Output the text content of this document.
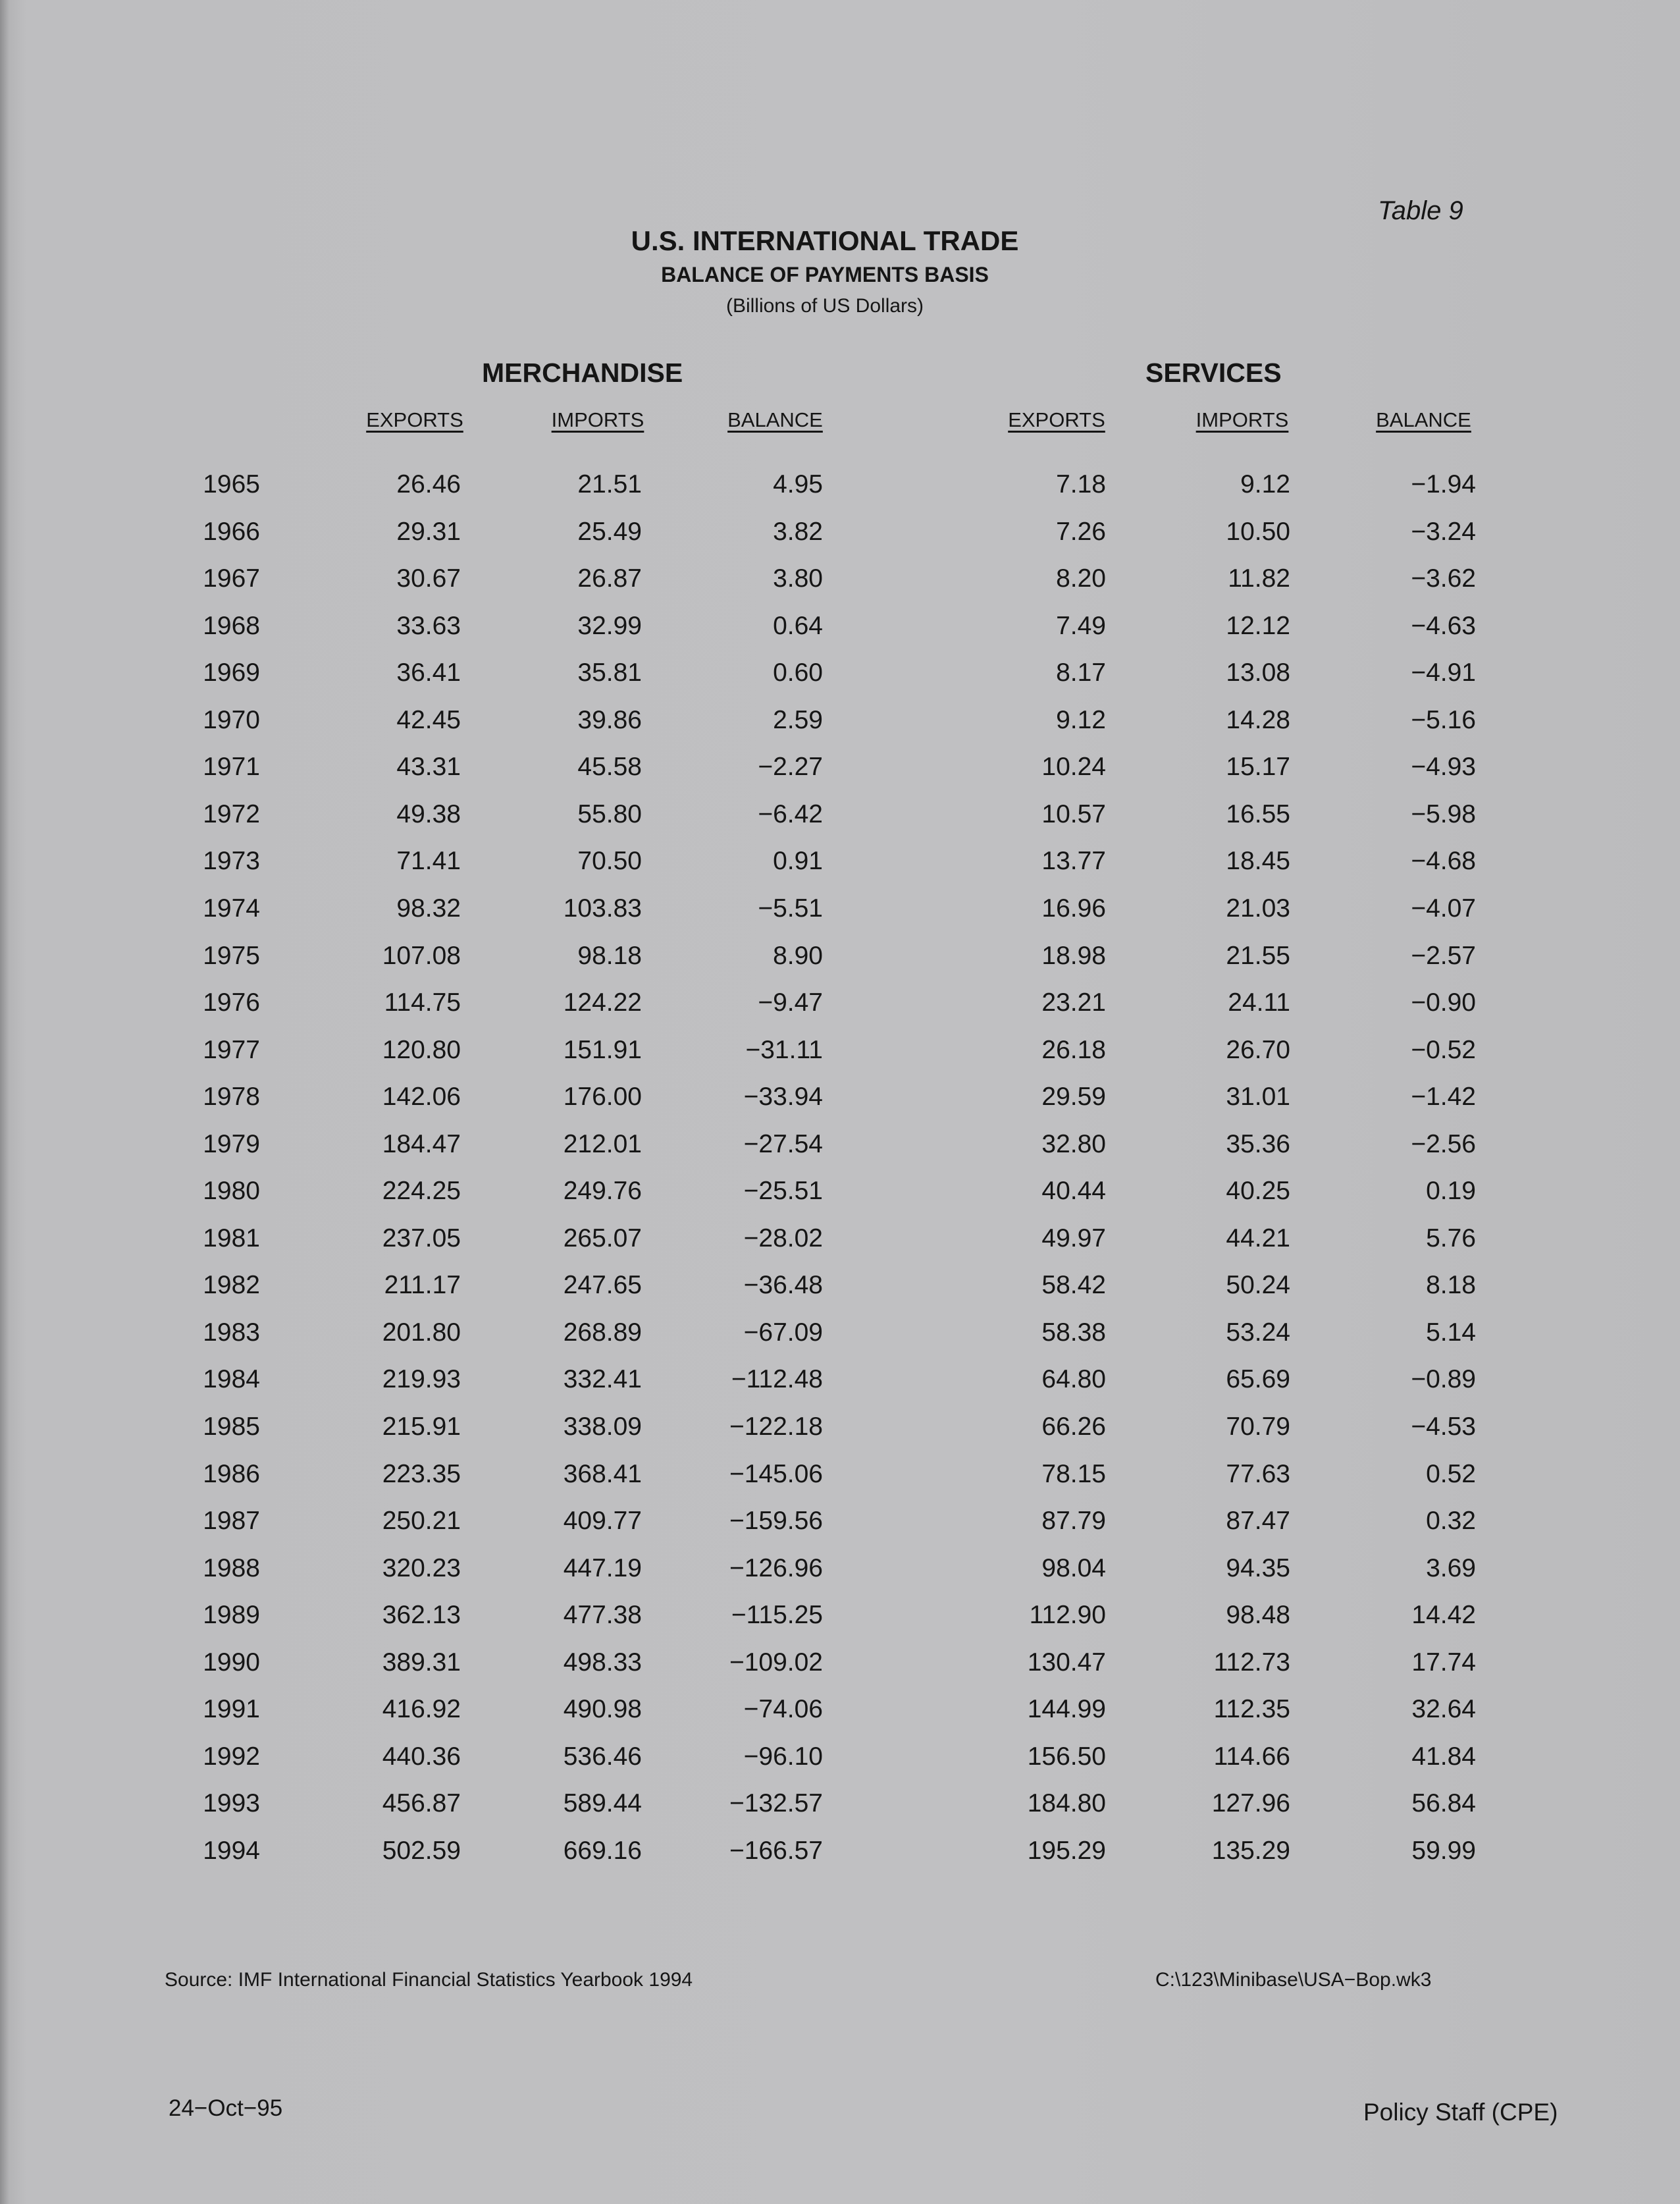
Table 9
U.S. INTERNATIONAL TRADE
BALANCE OF PAYMENTS BASIS
(Billions of US Dollars)
MERCHANDISE	SERVICES
EXPORTS	IMPORTS	BALANCE	EXPORTS	IMPORTS	BALANCE
1965	26.46	21.51	4.95	7.18	9.12	−1.94
1966	29.31	25.49	3.82	7.26	10.50	−3.24
1967	30.67	26.87	3.80	8.20	11.82	−3.62
1968	33.63	32.99	0.64	7.49	12.12	−4.63
1969	36.41	35.81	0.60	8.17	13.08	−4.91
1970	42.45	39.86	2.59	9.12	14.28	−5.16
1971	43.31	45.58	−2.27	10.24	15.17	−4.93
1972	49.38	55.80	−6.42	10.57	16.55	−5.98
1973	71.41	70.50	0.91	13.77	18.45	−4.68
1974	98.32	103.83	−5.51	16.96	21.03	−4.07
1975	107.08	98.18	8.90	18.98	21.55	−2.57
1976	114.75	124.22	−9.47	23.21	24.11	−0.90
1977	120.80	151.91	−31.11	26.18	26.70	−0.52
1978	142.06	176.00	−33.94	29.59	31.01	−1.42
1979	184.47	212.01	−27.54	32.80	35.36	−2.56
1980	224.25	249.76	−25.51	40.44	40.25	0.19
1981	237.05	265.07	−28.02	49.97	44.21	5.76
1982	211.17	247.65	−36.48	58.42	50.24	8.18
1983	201.80	268.89	−67.09	58.38	53.24	5.14
1984	219.93	332.41	−112.48	64.80	65.69	−0.89
1985	215.91	338.09	−122.18	66.26	70.79	−4.53
1986	223.35	368.41	−145.06	78.15	77.63	0.52
1987	250.21	409.77	−159.56	87.79	87.47	0.32
1988	320.23	447.19	−126.96	98.04	94.35	3.69
1989	362.13	477.38	−115.25	112.90	98.48	14.42
1990	389.31	498.33	−109.02	130.47	112.73	17.74
1991	416.92	490.98	−74.06	144.99	112.35	32.64
1992	440.36	536.46	−96.10	156.50	114.66	41.84
1993	456.87	589.44	−132.57	184.80	127.96	56.84
1994	502.59	669.16	−166.57	195.29	135.29	59.99
Source: IMF International Financial Statistics Yearbook 1994	C:\123\Minibase\USA−Bop.wk3
24−Oct−95	Policy Staff (CPE)
